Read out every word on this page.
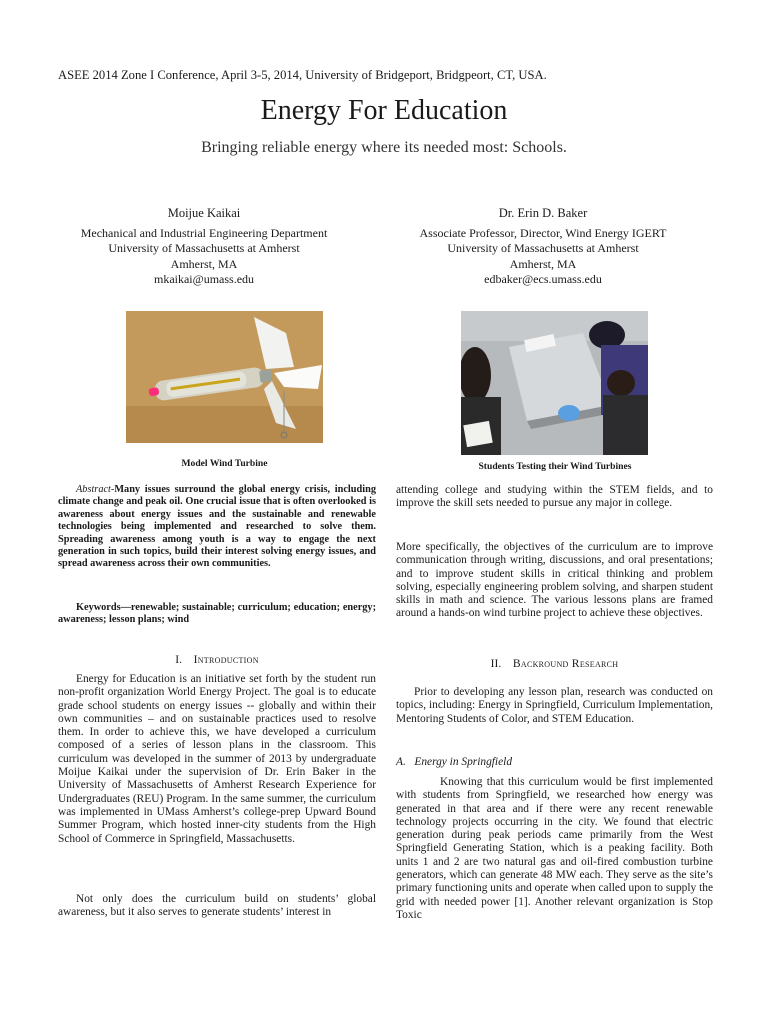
ASEE 2014 Zone I Conference, April 3-5, 2014, University of Bridgeport, Bridgpeort, CT, USA.
Energy For Education
Bringing reliable energy where its needed most: Schools.
Moijue Kaikai
Mechanical and Industrial Engineering Department
University of Massachusetts at Amherst
Amherst, MA
mkaikai@umass.edu
Dr. Erin D. Baker
Associate Professor, Director, Wind Energy IGERT
University of Massachusetts at Amherst
Amherst, MA
edbaker@ecs.umass.edu
Model Wind Turbine	Students Testing their Wind Turbines

Abstract-Many issues surround the global energy crisis, including climate change and peak oil. One crucial issue that is often overlooked is awareness about energy issues and the sustainable and renewable technologies being implemented and researched to solve them. Spreading awareness among youth is a way to engage the next generation in such topics, build their interest solving energy issues, and spread awareness across their own communities.

Keywords—renewable; sustainable; curriculum; education; energy; awareness; lesson plans; wind

I. Introduction

Energy for Education is an initiative set forth by the student run non-profit organization World Energy Project. The goal is to educate grade school students on energy issues -- globally and within their own communities – and on sustainable practices used to resolve them. In order to achieve this, we have developed a curriculum composed of a series of lesson plans in the classroom. This curriculum was developed in the summer of 2013 by undergraduate Moijue Kaikai under the supervision of Dr. Erin Baker in the University of Massachusetts of Amherst Research Experience for Undergraduates (REU) Program. In the same summer, the curriculum was implemented in UMass Amherst’s college-prep Upward Bound Summer Program, which hosted inner-city students from the High School of Commerce in Springfield, Massachusetts.

Not only does the curriculum build on students’ global awareness, but it also serves to generate students’ interest in

attending college and studying within the STEM fields, and to improve the skill sets needed to pursue any major in college.

More specifically, the objectives of the curriculum are to improve communication through writing, discussions, and oral presentations; and to improve student skills in critical thinking and problem solving, especially engineering problem solving, and sharpen student skills in math and science. The various lessons plans are framed around a hands-on wind turbine project to achieve these objectives.

II. Backround Research

Prior to developing any lesson plan, research was conducted on topics, including: Energy in Springfield, Curriculum Implementation, Mentoring Students of Color, and STEM Education.

A. Energy in Springfield

Knowing that this curriculum would be first implemented with students from Springfield, we researched how energy was generated in that area and if there were any recent renewable technology projects occurring in the city. We found that electric generation during peak periods came primarily from the West Springfield Generating Station, which is a peaking facility. Both units 1 and 2 are two natural gas and oil-fired combustion turbine generators, which can generate 48 MW each. They serve as the site’s primary functioning units and operate when called upon to supply the grid with needed power [1]. Another relevant organization is Stop Toxic
